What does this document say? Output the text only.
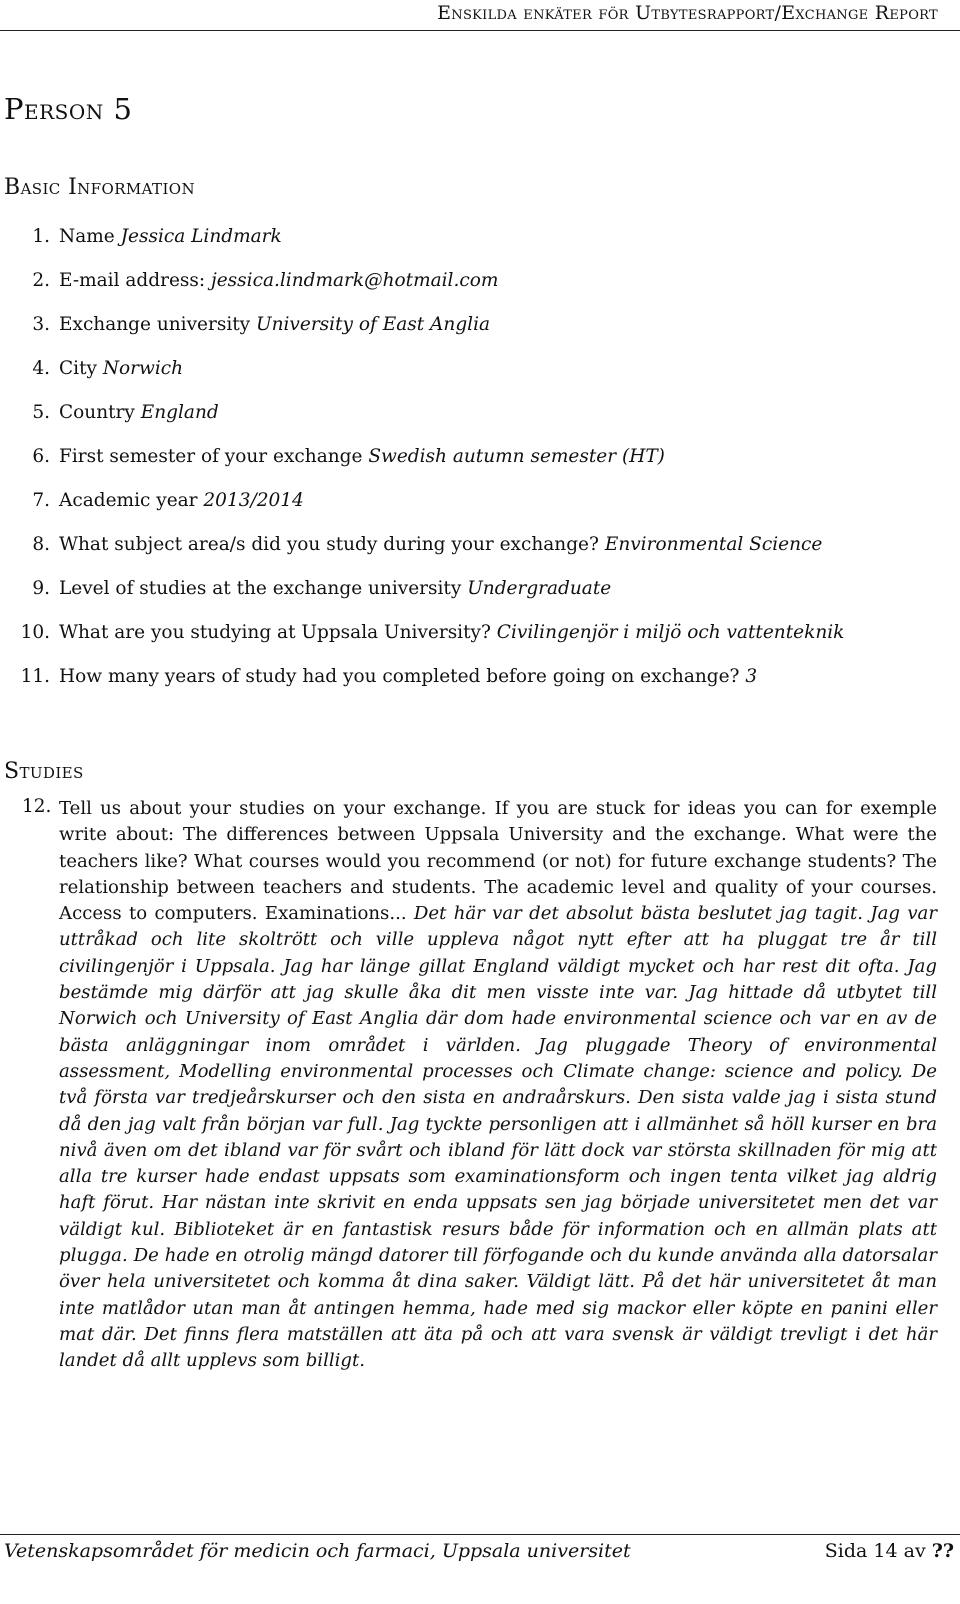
Enskilda enkäter för Utbytesrapport/Exchange Report
Person 5
Basic Information
1. Name Jessica Lindmark
2. E-mail address: jessica.lindmark@hotmail.com
3. Exchange university University of East Anglia
4. City Norwich
5. Country England
6. First semester of your exchange Swedish autumn semester (HT)
7. Academic year 2013/2014
8. What subject area/s did you study during your exchange? Environmental Science
9. Level of studies at the exchange university Undergraduate
10. What are you studying at Uppsala University? Civilingenjör i miljö och vattenteknik
11. How many years of study had you completed before going on exchange? 3
Studies
12. Tell us about your studies on your exchange. If you are stuck for ideas you can for exemple write about: The differences between Uppsala University and the exchange. What were the teachers like? What courses would you recommend (or not) for future exchange students? The relationship between teachers and students. The academic level and quality of your courses. Access to computers. Examinations... Det här var det absolut bästa beslutet jag tagit. Jag var uttråkad och lite skoltrött och ville uppleva något nytt efter att ha pluggat tre år till civilingenjör i Uppsala. Jag har länge gillat England väldigt mycket och har rest dit ofta. Jag bestämde mig därför att jag skulle åka dit men visste inte var. Jag hittade då utbytet till Norwich och University of East Anglia där dom hade environmental science och var en av de bästa anläggningar inom området i världen. Jag pluggade Theory of environmental assessment, Modelling environmental processes och Climate change: science and policy. De två första var tredjeårskurser och den sista en andraårskurs. Den sista valde jag i sista stund då den jag valt från början var full. Jag tyckte personligen att i allmänhet så höll kurser en bra nivå även om det ibland var för svårt och ibland för lätt dock var största skillnaden för mig att alla tre kurser hade endast uppsats som examinationsform och ingen tenta vilket jag aldrig haft förut. Har nästan inte skrivit en enda uppsats sen jag började universitetet men det var väldigt kul. Biblioteket är en fantastisk resurs både för information och en allmän plats att plugga. De hade en otrolig mängd datorer till förfogande och du kunde använda alla datorsalar över hela universitetet och komma åt dina saker. Väldigt lätt. På det här universitetet åt man inte matlådor utan man åt antingen hemma, hade med sig mackor eller köpte en panini eller mat där. Det finns flera matställen att äta på och att vara svensk är väldigt trevligt i det här landet då allt upplevs som billigt.
Vetenskapsområdet för medicin och farmaci, Uppsala universitet	Sida 14 av ??
